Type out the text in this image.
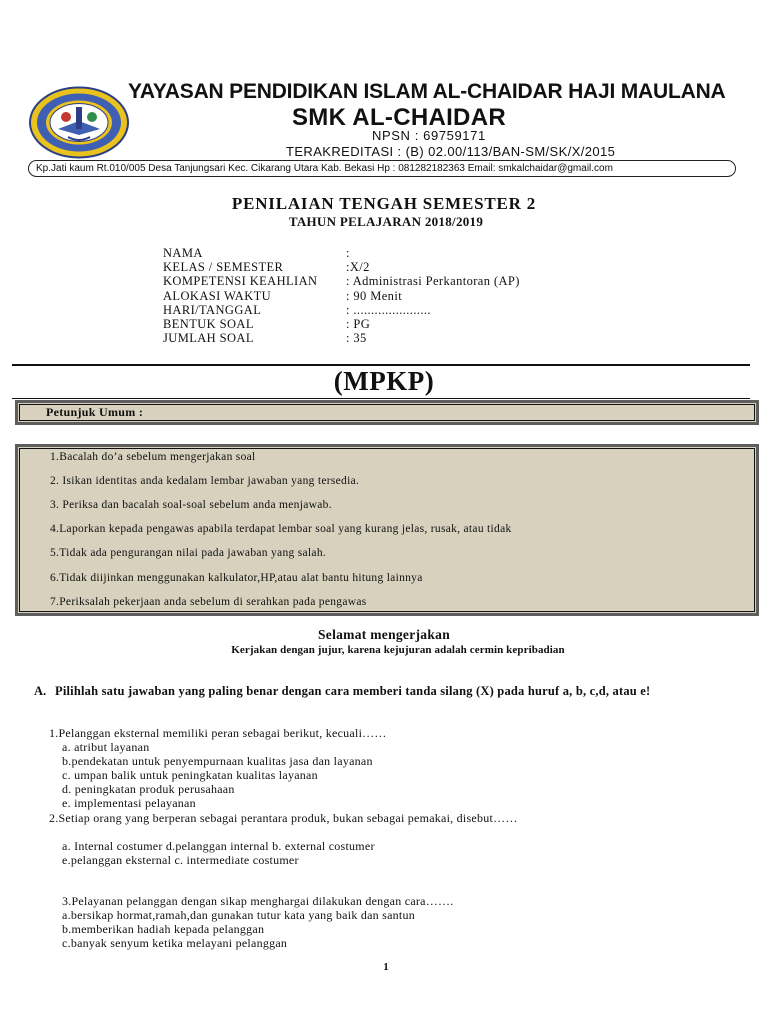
YAYASAN PENDIDIKAN ISLAM AL-CHAIDAR HAJI MAULANA
SMK AL-CHAIDAR
NPSN : 69759171
TERAKREDITASI : (B) 02.00/113/BAN-SM/SK/X/2015
Kp.Jati kaum Rt.010/005 Desa Tanjungsari Kec. Cikarang Utara Kab. Bekasi Hp : 081282182363 Email: smkalchaidar@gmail.com
PENILAIAN TENGAH SEMESTER 2
TAHUN PELAJARAN 2018/2019
NAMA	:
KELAS / SEMESTER	:X/2
KOMPETENSI KEAHLIAN : Administrasi Perkantoran (AP)
ALOKASI WAKTU	: 90 Menit
HARI/TANGGAL	: ......................
BENTUK SOAL	: PG
JUMLAH SOAL	: 35
(MPKP)
Petunjuk Umum :
1.Bacalah do’a sebelum mengerjakan soal
2. Isikan identitas anda kedalam lembar jawaban yang tersedia.
3. Periksa dan bacalah soal-soal sebelum anda menjawab.
4.Laporkan kepada pengawas apabila terdapat lembar soal yang kurang jelas, rusak, atau tidak
5.Tidak ada pengurangan nilai pada jawaban yang salah.
6.Tidak diijinkan menggunakan kalkulator,HP,atau alat bantu hitung lainnya
7.Periksalah pekerjaan anda sebelum di serahkan pada pengawas
Selamat mengerjakan
Kerjakan dengan jujur, karena kejujuran adalah cermin kepribadian
A. Pilihlah satu jawaban yang paling benar dengan cara memberi tanda silang (X) pada huruf a, b, c,d, atau e!
1.Pelanggan eksternal memiliki peran sebagai berikut, kecuali……
a. atribut layanan
b.pendekatan untuk penyempurnaan kualitas jasa dan layanan
c. umpan balik untuk peningkatan kualitas layanan
d. peningkatan produk perusahaan
e. implementasi pelayanan
2.Setiap orang yang berperan sebagai perantara produk, bukan sebagai pemakai, disebut……
a. Internal costumer d.pelanggan internal b. external costumer
e.pelanggan eksternal c. intermediate costumer
3.Pelayanan pelanggan dengan sikap menghargai dilakukan dengan cara…….
a.bersikap hormat,ramah,dan gunakan tutur kata yang baik dan santun
b.memberikan hadiah kepada pelanggan
c.banyak senyum ketika melayani pelanggan
1
